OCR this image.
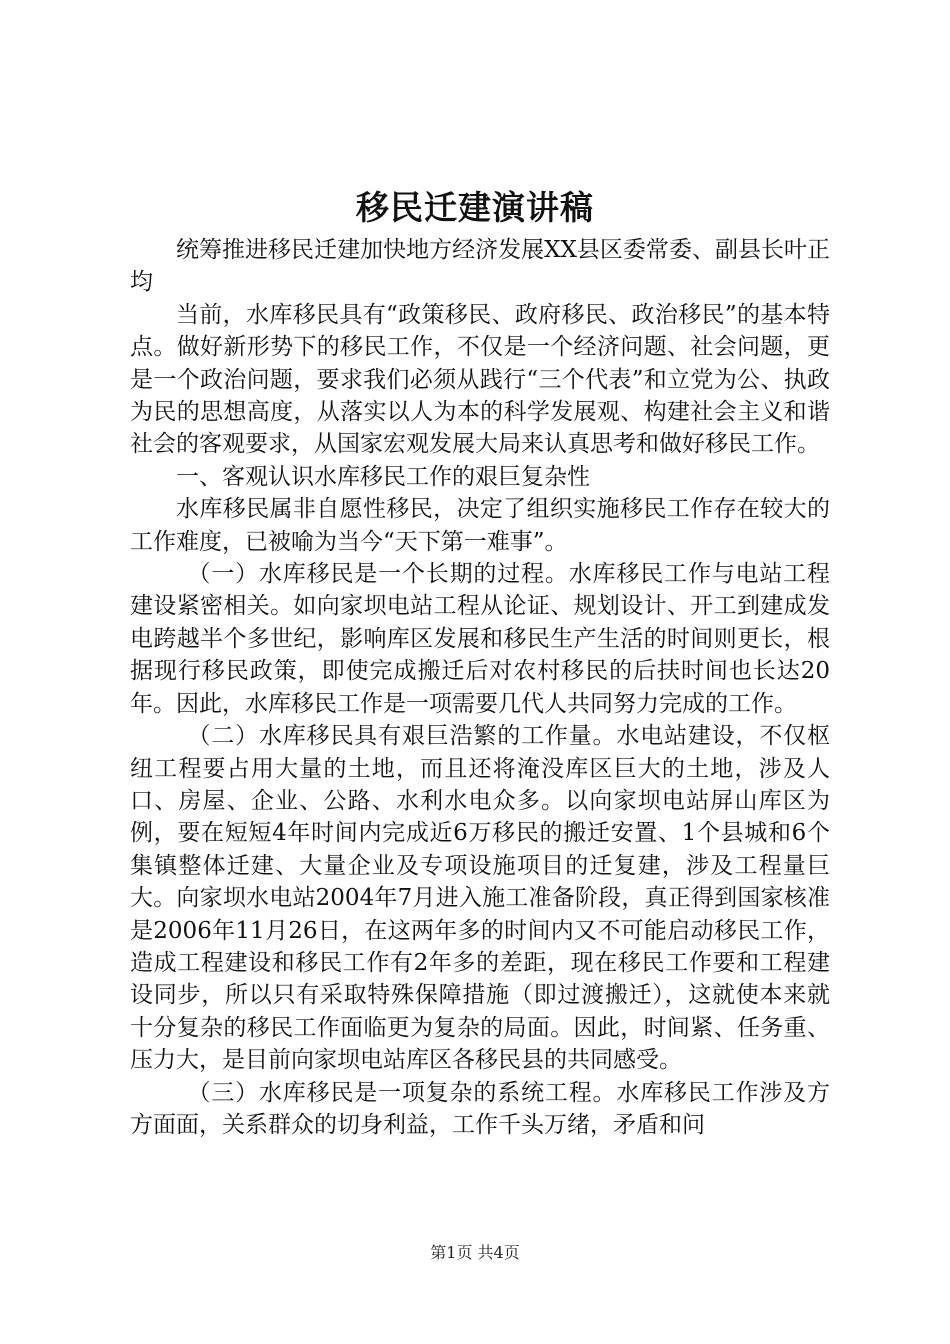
移民迁建演讲稿

统筹推进移民迁建加快地方经济发展XX县区委常委、副县长叶正均

当前，水库移民具有“政策移民、政府移民、政治移民”的基本特点。做好新形势下的移民工作，不仅是一个经济问题、社会问题，更是一个政治问题，要求我们必须从践行“三个代表”和立党为公、执政为民的思想高度，从落实以人为本的科学发展观、构建社会主义和谐社会的客观要求，从国家宏观发展大局来认真思考和做好移民工作。

一、客观认识水库移民工作的艰巨复杂性

水库移民属非自愿性移民，决定了组织实施移民工作存在较大的工作难度，已被喻为当今“天下第一难事”。

（一）水库移民是一个长期的过程。水库移民工作与电站工程建设紧密相关。如向家坝电站工程从论证、规划设计、开工到建成发电跨越半个多世纪，影响库区发展和移民生产生活的时间则更长，根据现行移民政策，即使完成搬迁后对农村移民的后扶时间也长达20年。因此，水库移民工作是一项需要几代人共同努力完成的工作。

（二）水库移民具有艰巨浩繁的工作量。水电站建设，不仅枢纽工程要占用大量的土地，而且还将淹没库区巨大的土地，涉及人口、房屋、企业、公路、水利水电众多。以向家坝电站屏山库区为例，要在短短4年时间内完成近6万移民的搬迁安置、1个县城和6个集镇整体迁建、大量企业及专项设施项目的迁复建，涉及工程量巨大。向家坝水电站2004年7月进入施工准备阶段，真正得到国家核准是2006年11月26日，在这两年多的时间内又不可能启动移民工作，造成工程建设和移民工作有2年多的差距，现在移民工作要和工程建设同步，所以只有采取特殊保障措施（即过渡搬迁），这就使本来就十分复杂的移民工作面临更为复杂的局面。因此，时间紧、任务重、压力大，是目前向家坝电站库区各移民县的共同感受。

（三）水库移民是一项复杂的系统工程。水库移民工作涉及方方面面，关系群众的切身利益，工作千头万绪，矛盾和问

第1页 共4页
